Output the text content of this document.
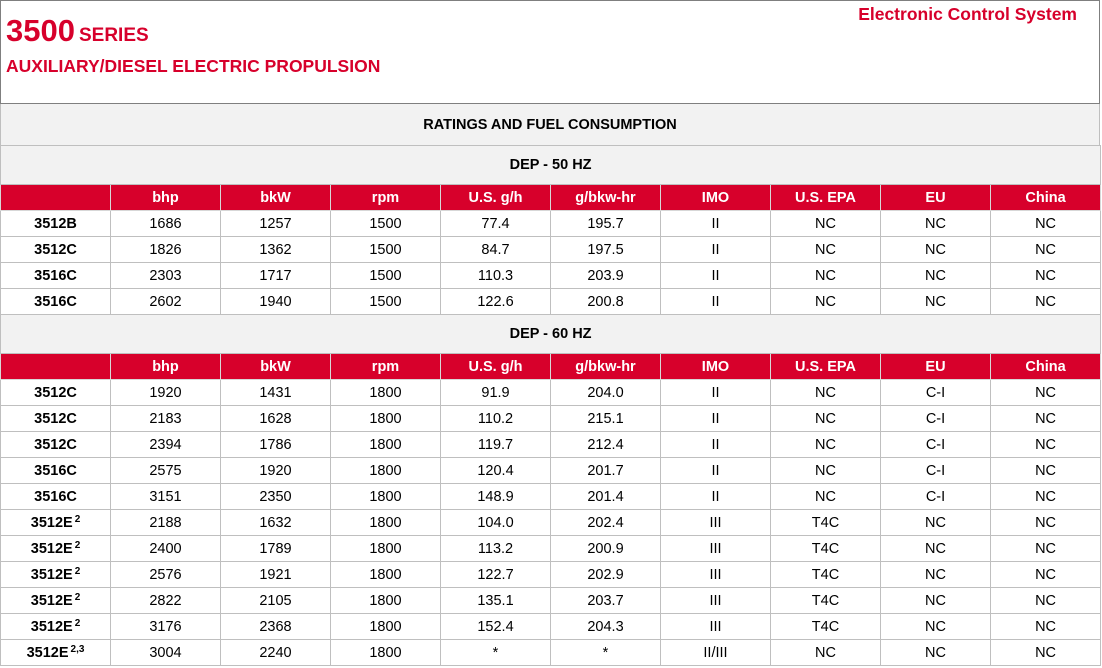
3500 SERIES
AUXILIARY/DIESEL ELECTRIC PROPULSION
Electronic Control System
RATINGS AND FUEL CONSUMPTION
DEP - 50 HZ									
	bhp	bkW	rpm	U.S. g/h	g/bkw-hr	IMO	U.S. EPA	EU	China
3512B	1686	1257	1500	77.4	195.7	II	NC	NC	NC
3512C	1826	1362	1500	84.7	197.5	II	NC	NC	NC
3516C	2303	1717	1500	110.3	203.9	II	NC	NC	NC
3516C	2602	1940	1500	122.6	200.8	II	NC	NC	NC
DEP - 60 HZ									
	bhp	bkW	rpm	U.S. g/h	g/bkw-hr	IMO	U.S. EPA	EU	China
3512C	1920	1431	1800	91.9	204.0	II	NC	C-I	NC
3512C	2183	1628	1800	110.2	215.1	II	NC	C-I	NC
3512C	2394	1786	1800	119.7	212.4	II	NC	C-I	NC
3516C	2575	1920	1800	120.4	201.7	II	NC	C-I	NC
3516C	3151	2350	1800	148.9	201.4	II	NC	C-I	NC
3512E $^2$	2188	1632	1800	104.0	202.4	III	T4C	NC	NC
3512E $^2$	2400	1789	1800	113.2	200.9	III	T4C	NC	NC
3512E $^2$	2576	1921	1800	122.7	202.9	III	T4C	NC	NC
3512E $^2$	2822	2105	1800	135.1	203.7	III	T4C	NC	NC
3512E $^2$	3176	2368	1800	152.4	204.3	III	T4C	NC	NC
3512E $^{2,3}$	3004	2240	1800	*	*	II/III	NC	NC	NC
